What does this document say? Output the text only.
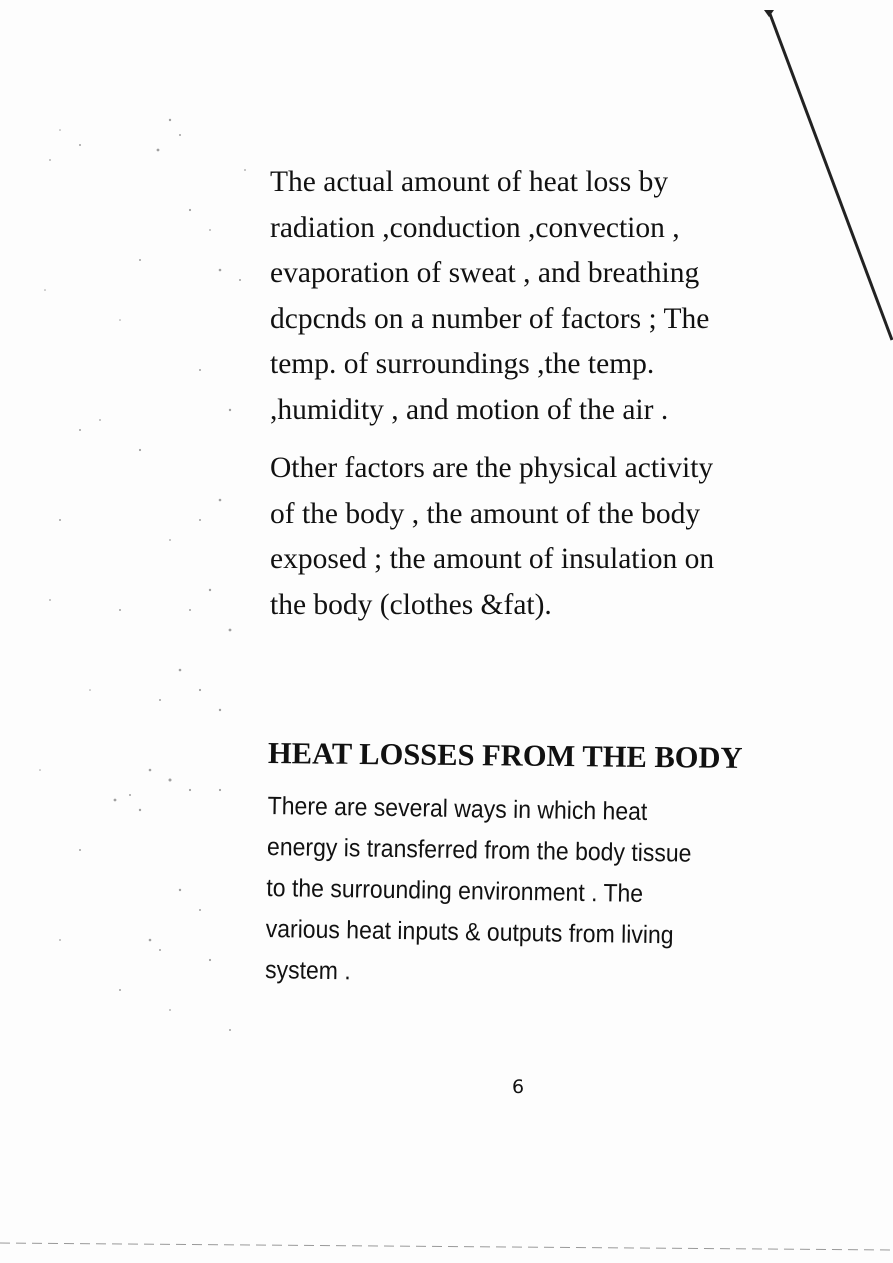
The actual amount of heat loss by
radiation ,conduction ,convection ,
evaporation of sweat , and breathing
dcpcnds on a number of factors ; The
temp. of surroundings ,the temp.
,humidity , and motion of the air .

Other factors are the physical activity
of the body , the amount of the body
exposed ; the amount of insulation on
the body (clothes &fat).

HEAT LOSSES FROM THE BODY

There are several ways in which heat
energy is transferred from the body tissue
to the surrounding environment . The
various heat inputs & outputs from living
system .

6
